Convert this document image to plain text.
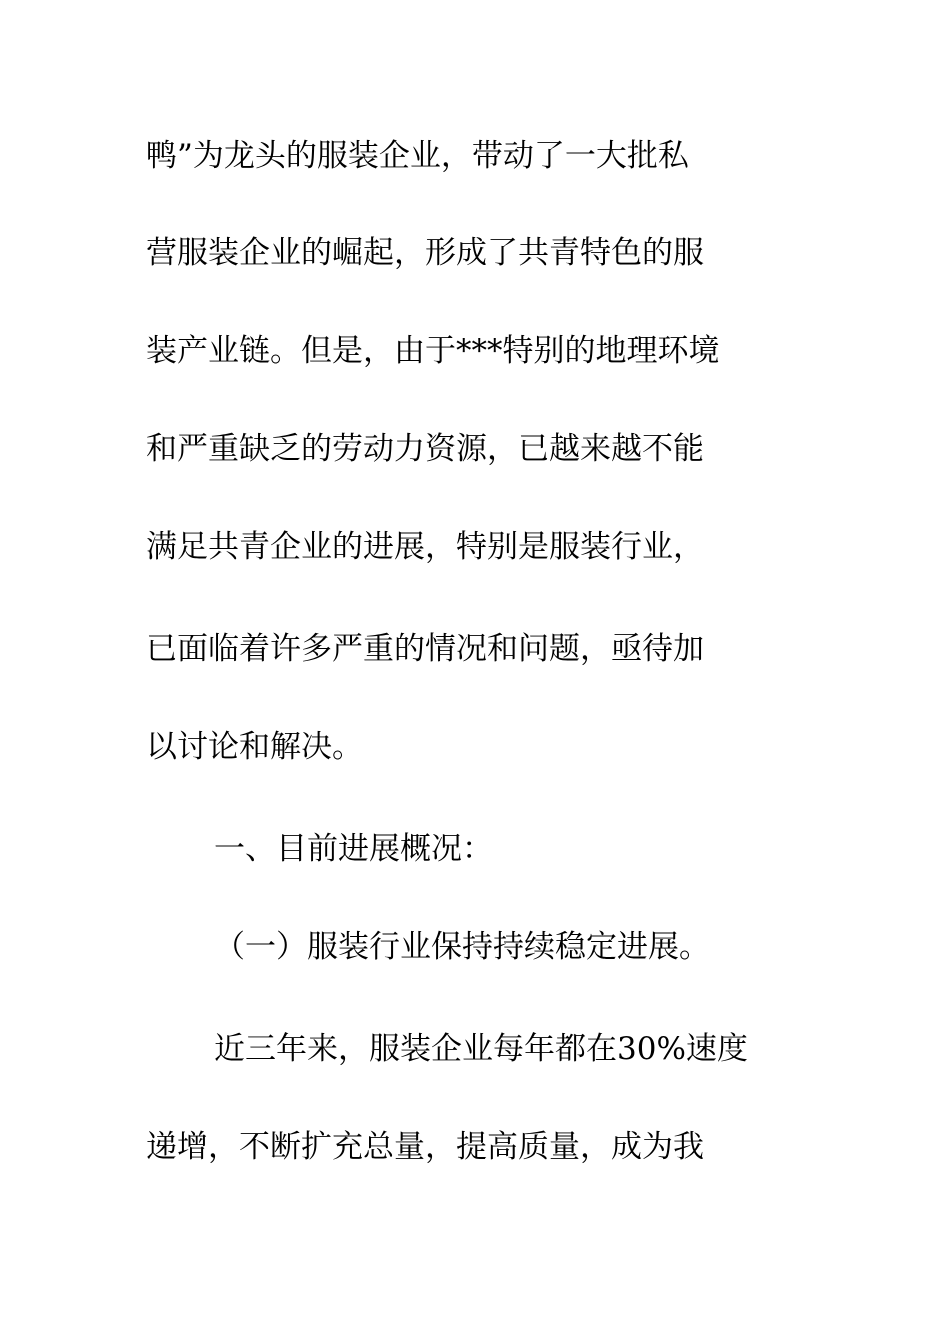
鸭”为龙头的服装企业，带动了一大批私
营服装企业的崛起，形成了共青特色的服
装产业链。但是，由于***特别的地理环境
和严重缺乏的劳动力资源，已越来越不能
满足共青企业的进展，特别是服装行业，
已面临着许多严重的情况和问题，亟待加
以讨论和解决。
一、目前进展概况：
（一）服装行业保持持续稳定进展。
近三年来，服装企业每年都在30%速度
递增，不断扩充总量，提高质量，成为我
